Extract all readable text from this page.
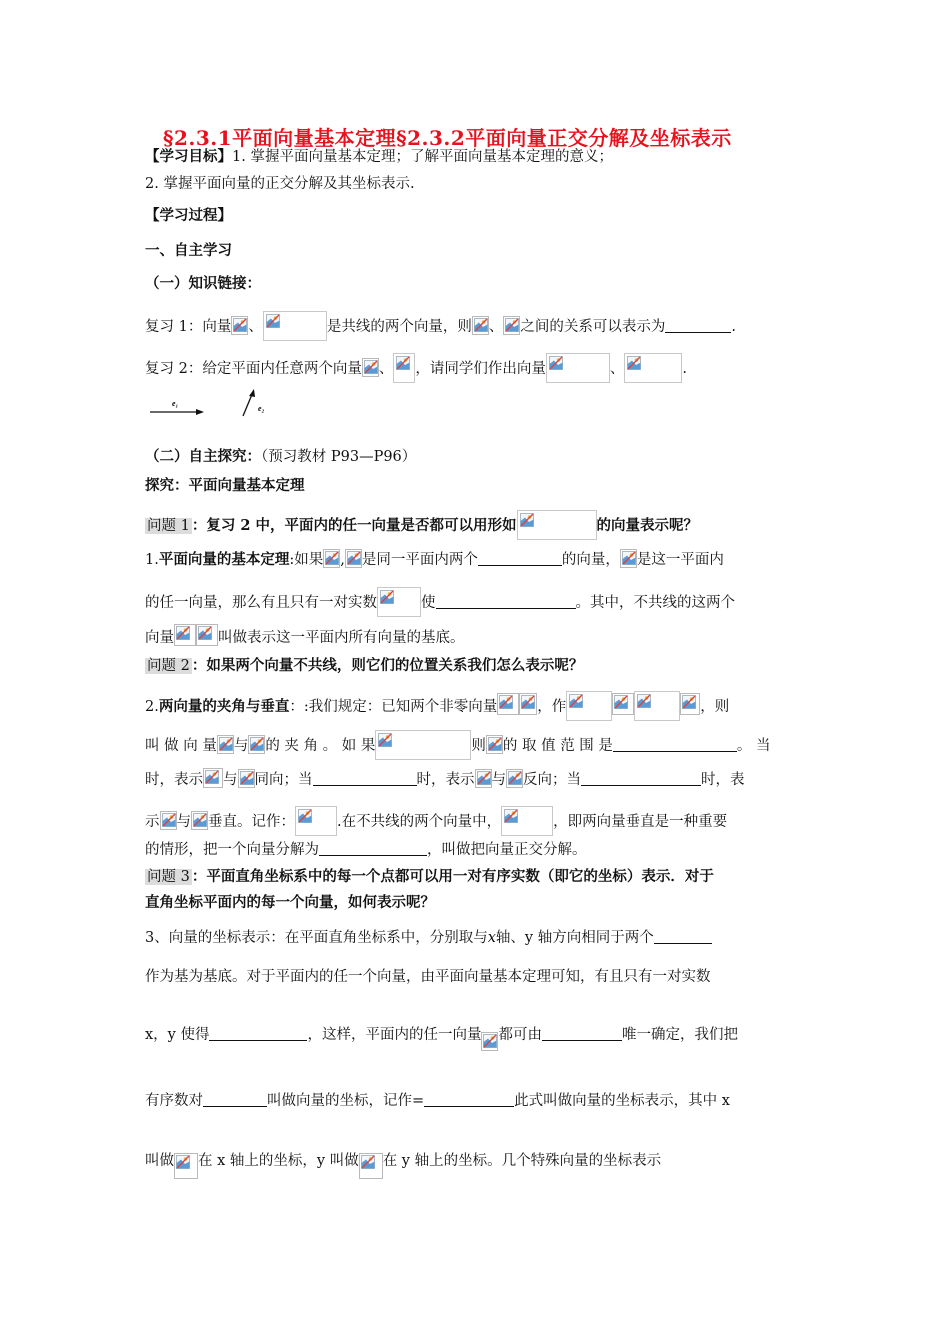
§2.3.1平面向量基本定理§2.3.2平面向量正交分解及坐标表示
【学习目标】1. 掌握平面向量基本定理；了解平面向量基本定理的意义；
2. 掌握平面向量的正交分解及其坐标表示.
【学习过程】
一、自主学习
（一）知识链接：
复习 1：向量 、	是共线的两个向量，则 、 之间的关系可以表示为	.
复习 2：给定平面内任意两个向量 、 ，请同学们作出向量	、	.
e₁
e₂
（二）自主探究：（预习教材 P93—P96）
探究：平面向量基本定理
问题 1 ：复习 2 中，平面内的任一向量是否都可以用形如	的向量表示呢？
1.平面向量的基本定理:如果 , 是同一平面内两个	的向量， 是这一平面内
的任一向量，那么有且只有一对实数	使	。其中，不共线的这两个
向量	叫做表示这一平面内所有向量的基底。
问题 2 ：如果两个向量不共线，则它们的位置关系我们怎么表示呢？
2.两向量的夹角与垂直：:我们规定：已知两个非零向量	，作	，则
叫 做 向 量 与 的 夹 角 。 如 果	则 的 取 值 范 围 是	。 当
时，表示 与 同向；当	时，表示 与 反向；当	时，表
示 与 垂直。记作：	.在不共线的两个向量中，	，即两向量垂直是一种重要
的情形，把一个向量分解为	，叫做把向量正交分解。
问题 3 ：平面直角坐标系中的每一个点都可以用一对有序实数（即它的坐标）表示．对于
直角坐标平面内的每一个向量，如何表示呢？
3、向量的坐标表示：在平面直角坐标系中，分别取与x轴、y 轴方向相同于两个
作为基为基底。对于平面内的任一个向量，由平面向量基本定理可知，有且只有一对实数
x，y 使得	，这样，平面内的任一向量 都可由	唯一确定，我们把
有序数对	叫做向量的坐标，记作=	此式叫做向量的坐标表示，其中 x
叫做 在 x 轴上的坐标，y 叫做 在 y 轴上的坐标。几个特殊向量的坐标表示
